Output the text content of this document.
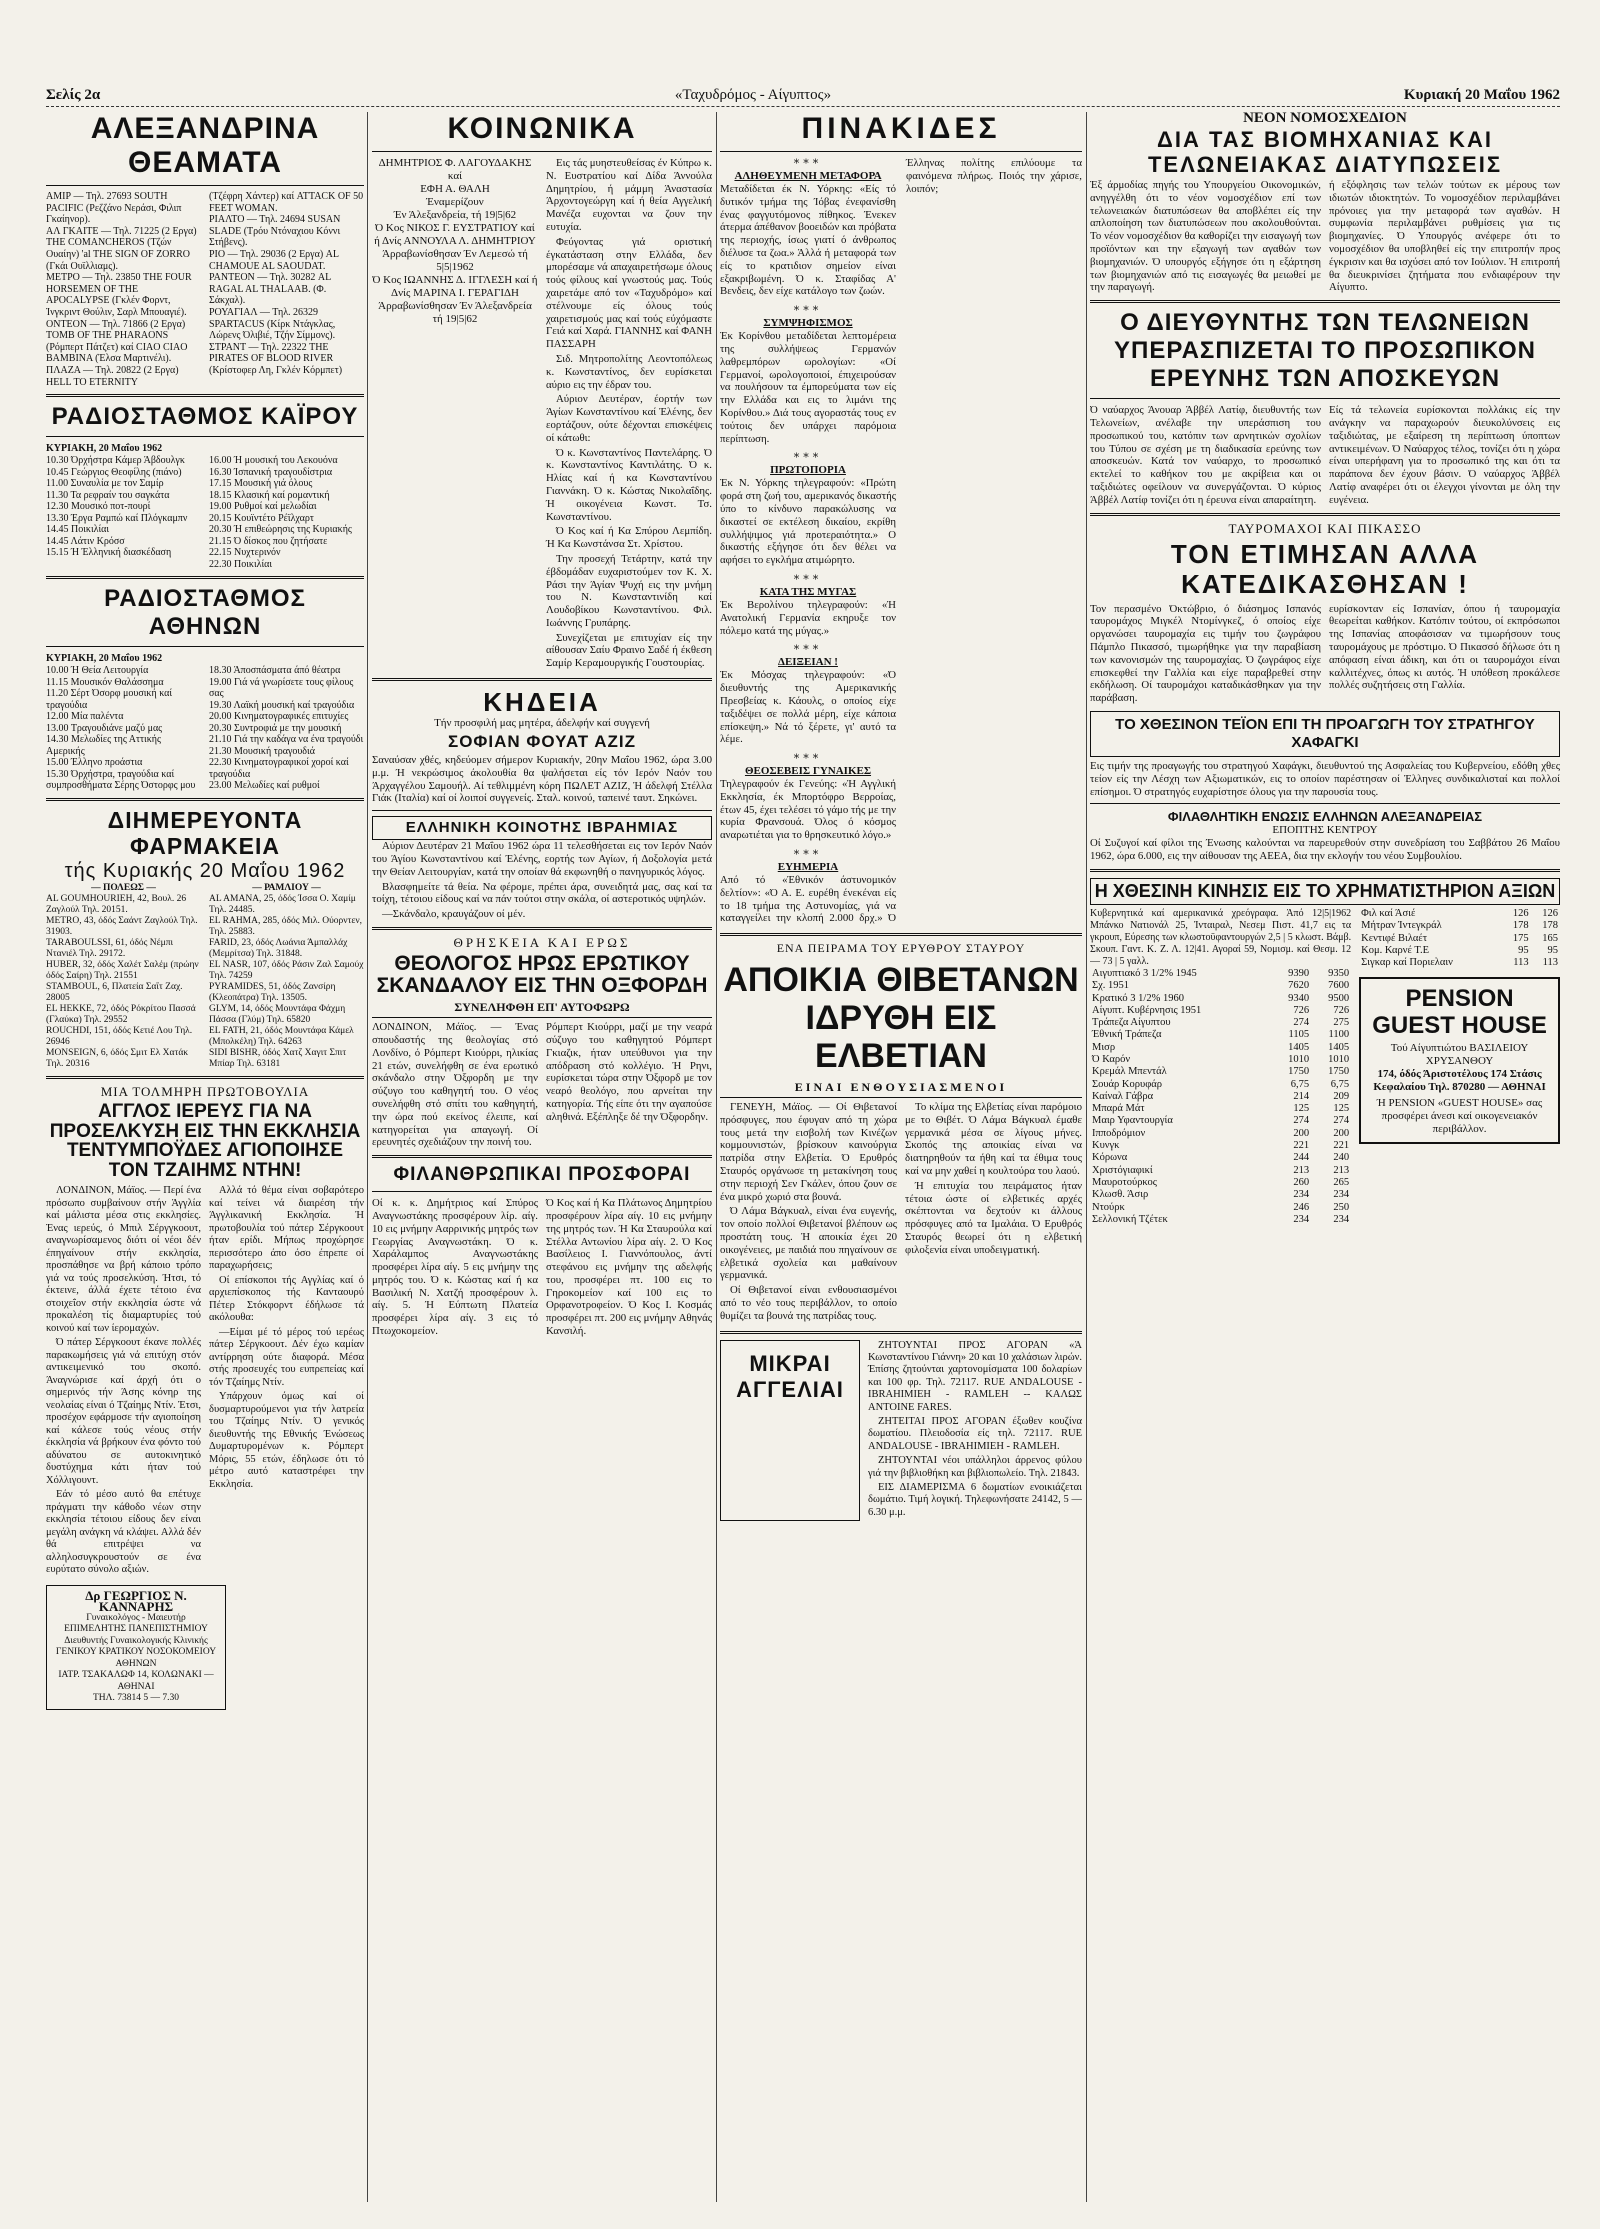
Σελίς 2α	«Ταχυδρόμος - Αίγυπτος»	Κυριακή 20 Μαΐου 1962
ΑΛΕΞΑΝΔΡΙΝΑ ΘΕΑΜΑΤΑ
ΑΜΙΡ — Τηλ. 27693 SOUTH PACIFIC (Ρεζζάνο Νεράσι, Φιλιπ Γκαίηνορ).
ΑΛ ΓΚΑΙΤΕ — Τηλ. 71225 (2 Εργα) THE COMANCHEROS (Τζών Ουαίην) 'al THE SIGN OF ZORRO (Γκάι Ουϊλλιαμς).
ΜΕΤΡΟ — Τηλ. 23850 THE FOUR HORSEMEN OF THE APOCALYPSE (Γκλέν Φορντ, Ίνγκριντ Θούλιν, Σαρλ Μπουαγιέ).
ΟΝΤΕΟΝ — Τηλ. 71866 (2 Εργα) TOMB OF THE PHARAONS (Ρόμπερτ Πάτζετ) καί CIAO CIAO BAMBINA (Έλσα Μαρτινέλι).
ΠΛΑΖΑ — Τηλ. 20822 (2 Εργα) HELL TO ETERNITY
(Τζέφρη Χάντερ) καί ATTACK OF 50 FEET WOMAN.
ΡΙΑΛΤΟ — Τηλ. 24694 SUSAN SLADE (Τρόυ Ντόναχιου Κόννι Στήβενς).
ΡΙΟ — Τηλ. 29036 (2 Εργα) AL CHAMOUE AL SAOUDAT.
ΡΑΝΤΕΟΝ — Τηλ. 30282 AL RAGAL AL THALAAB. (Φ. Σάκχαλ).
ΡΟΥΑΓΙΑΛ — Τηλ. 26329 SPARTACUS (Κίρκ Ντάγκλας, Λώρενς Όλιβιέ, Τζήν Σίμμονς).
ΣΤΡΑΝΤ — Τηλ. 22322 THE PIRATES OF BLOOD RIVER (Κρίστοφερ Λη, Γκλέν Κόρμπετ)
ΡΑΔΙΟΣΤΑΘΜΟΣ ΚΑΪΡΟΥ
ΚΥΡΙΑΚΗ, 20 Μαΐου 1962
10.30 Όρχήστρα Κάμερ Άβδουλγκ
10.45 Γεώργιος Θεοφίλης (πιάνο)
11.00 Συναυλία με τον Σαμίρ
11.30 Τα ρεφραίν του σαγκάτα
12.30 Μουσικό ποτ-πουρί
13.30 Έργα Ραμπώ καί Πλόγκαμπν
14.45 Ποικιλίαι
14.45 Λάτιν Κρόσσ
15.15 Ή Έλληνική διασκέδαση
16.00 Ή μουσική του Λεκουόνα
16.30 Ίσπανική τραγουδίστρια
17.15 Μουσική γιά όλους
18.15 Κλασική καί ρομαντική
19.00 Ρυθμοί καί μελωδίαι
20.15 Κουϊντέτο Ρέϊλχαρτ
20.30 Ή επιθεώρησις της Κυριακής
21.15 Ό δίσκος που ζητήσατε
22.15 Νυχτερινόν
22.30 Ποικιλίαι
ΡΑΔΙΟΣΤΑΘΜΟΣ ΑΘΗΝΩΝ
ΚΥΡΙΑΚΗ, 20 Μαΐου 1962
10.00 Ή Θεία Λειτουργία
11.15 Μουσικόν Θαλάσσημα
11.20 Σέρτ Όσορφ μουσική καί τραγούδια
12.00 Μία παλέντα
13.00 Τραγουδιάνε μαζύ μας
14.30 Μελωδίες της Αττικής Αμερικής
15.00 Έλληνο προάστια
15.30 Όρχήστρα, τραγούδια καί συμπροσθήματα Σέρης Όστορφς μου
18.30 Άποσπάσματα άπό θέατρα
19.00 Γιά νά γνωρίσετε τους φίλους σας
19.30 Λαϊκή μουσική καί τραγούδια
20.00 Κινηματογραφικές επιτυχίες
20.30 Συντροφιά με την μουσική
21.10 Γιά την καδάγα να ένα τραγούδι
21.30 Μουσική τραγουδιά
22.30 Κινηματογραφικοί χοροί καί τραγούδια
23.00 Μελωδίες καί ρυθμοί
ΔΙΗΜΕΡΕΥΟΝΤΑ ΦΑΡΜΑΚΕΙΑ
τής Κυριακής 20 Μαΐου 1962
— ΠΟΛΕΩΣ —
AL GOUMHOURIEH, 42, Βουλ. 26 Ζαγλούλ Τηλ. 20151.
METRO, 43, όδός Σαάντ Ζαγλούλ Τηλ. 31903.
TARABOULSSI, 61, όδός Νέμπι Ντανιέλ Τηλ. 29172.
HUBER, 32, όδός Χαλέτ Σαλέμ (πρώην όδός Σαίρη) Τηλ. 21551
STAMBOUL, 6, Πλατεία Σαΐτ Ζαχ. 28005
EL HEKKE, 72, όδός Ρόκρίτου Πασσά (Γλαύκα) Τηλ. 29552
ROUCHDI, 151, όδός Κετιέ Λου Τηλ. 26946
MONSEIGN, 6, όδός Σμιτ Ελ Χατάκ Τηλ. 20316
— ΡΑΜΛΙΟΥ —
AL AMANA, 25, όδός Ίσσα Ο. Χαμίμ Τηλ. 24485.
EL RAHMA, 285, όδός Μιλ. Ούορντεν, Τηλ. 25883.
FARID, 23, όδός Λωάνια Άμπαλλάχ (Μεμρίτσα) Τηλ. 31848.
EL NASR, 107, όδός Ράσιν Ζαλ Σαμούχ Τηλ. 74259
PYRAMIDES, 51, όδός Ζανσίρη (Κλεοπάτρα) Τηλ. 13505.
GLYM, 14, όδός Μουντάφα Φάχμη Πάσσα (Γλύμ) Τηλ. 65820
EL FATH, 21, όδός Μουντάφα Κάμελ (Μπολκέλη) Τηλ. 64263
SIDI BISHR, όδός Χατζ Χαγιτ Σπιτ Μπίαρ Τηλ. 63181
ΜΙΑ ΤΟΛΜΗΡΗ ΠΡΩΤΟΒΟΥΛΙΑ
ΑΓΓΛΟΣ ΙΕΡΕΥΣ ΓΙΑ ΝΑ ΠΡΟΣΕΛΚΥΣΗ ΕΙΣ ΤΗΝ ΕΚΚΛΗΣΙΑ ΤΕΝΤΥΜΠΟΫΔΕΣ ΑΓΙΟΠΟΙΗΣΕ ΤΟΝ ΤΖΑΙΗΜΣ ΝΤΗΝ!

ΛΟΝΔΙΝΟΝ, Μάϊος. — Περί ένα πρόσωπο συμβαίνουν στήν Άγγλία καί μάλιστα μέσα στις εκκλησίες. Ένας ιερεύς, ό Μπιλ Σέργγκοουτ, αναγνωρίσαμενος διότι οί νέοι δέν έπηγαίνουν στήν εκκλησία, προσπάθησε να βρή κάποιο τρόπο γιά να τούς προσελκύση. Ήτσι, τό έκτεινε, άλλά έχετε τέτοιο ένα στοιχεΐον στήν εκκλησία ώστε νά προκαλέση τίς διαμαρτυρίες τού κοινού καί των ίερομαχών.

Ό πάτερ Σέργκοουτ έκανε πολλές παρακωμήσεις γιά νά επιτύχη στόν αντικειμενικό του σκοπό. Άναγνώρισε καί άρχή ότι ο σημερινός τήν Άσης κόνηρ της νεολαίας είναι ό Τζαίημς Ντίν. Έτσι, προσέχον εφάρμοσε τήν αγιοποίηση καί κάλεσε τούς νέους στήν έκκλησία νά βρήκουν ένα φόντο τού αδύνατου σε αυτοκινητικό δυστύχημα κάτι ήταν τού Χόλλιγουντ.

Εάν τό μέσο αυτό θα επέτυχε πράγματι την κάθοδο νέων στην εκκλησία τέτοιου είδους δεν είναι μεγάλη ανάγκη νά κλάψει. Αλλά δέν θά επιτρέψει να αλληλοσυγκρουστούν σε ένα ευρύτατο σύνολο αξιών.

Αλλά τό θέμα είναι σοβαρότερο καί τείνει νά διαιρέση τήν Άγγλικανική Εκκλησία. Ή πρωτοβουλία τού πάτερ Σέργκοουτ ήταν ερίδι. Μήπως προχώρησε περισσότερο άπο όσο έπρεπε οί παραχωρήσεις;

Οί επίσκοποι τής Αγγλίας καί ό αρχιεπίσκοπος τής Κανταουρύ Πέτερ Στόκφορντ έδήλωσε τά ακόλουθα:

—Είμαι μέ τό μέρος τού ιερέως πάτερ Σέργκοουτ. Δέν έχω καμίαν αντίρρηση ούτε διαφορά. Μέσα στής προσευχές του ευπρεπείας καί τόν Τζαίημς Ντίν.

Υπάρχουν όμως καί οί δυσμαρτυρούμενοι για τήν λατρεία του Τζαίημς Ντίν. Ό γενικός διευθυντής της Εθνικής Ένώσεως Δυμαρτυρομένων κ. Ρόμπερτ Μόρις, 55 ετών, έδηλωσε ότι τό μέτρο αυτό καταστρέφει την Εκκλησία.

Δρ ΓΕΩΡΓΙΟΣ Ν. ΚΑΝΝΑΡΗΣ
Γυναικολόγος - Μαιευτήρ
ΕΠΙΜΕΛΗΤΗΣ ΠΑΝΕΠΙΣΤΗΜΙΟΥ
Διευθυντής Γυναικολογικής Κλινικής ΓΕΝΙΚΟΥ ΚΡΑΤΙΚΟΥ ΝΟΣΟΚΟΜΕΙΟΥ ΑΘΗΝΩΝ
ΙΑΤΡ. ΤΣΑΚΑΛΩΦ 14, ΚΟΛΩΝΑΚΙ — ΑΘΗΝΑΙ
ΤΗΛ. 73814 5 — 7.30
ΚΟΙΝΩΝΙΚΑ
ΔΗΜΗΤΡΙΟΣ Φ. ΛΑΓΟΥΔΑΚΗΣ
καί
ΕΦΗ Α. ΘΑΛΗ
Έναμερίζουν
Έν Άλεξανδρεία, τή 19|5|62
Ό Κος ΝΙΚΟΣ Γ. ΕΥΣΤΡΑΤΙΟΥ καί ή Δνίς ΑΝΝΟΥΛΑ Λ. ΔΗΜΗΤΡΙΟΥ Άρραβωνίσθησαν Έν Λεμεσώ τή 5|5|1962
Ό Κος ΙΩΑΝΝΗΣ Δ. ΙΓΓΛΕΣΗ καί ή Δνίς ΜΑΡΙΝΑ Ι. ΓΕΡΑΓΙΔΗ Άρραβωνίσθησαν Έν Άλεξανδρεία τή 19|5|62

Εις τάς μυηστευθείσας έν Κύπρω κ. Ν. Ευστρατίου καί Δίδα Άννούλα Δημητρίου, ή μάμμη Άναστασία Άρχοντογεώργη καί ή θεία Αγγελική Μανέζα ευχονται να ζουν την ευτυχία.

Φεύγοντας γιά οριστική έγκατάσταση στην Ελλάδα, δεν μπορέσαμε νά απαχαιρετήσωμε όλους τούς φίλους καί γνωστούς μας. Τούς χαιρετάμε από τον «Ταχυδρόμο» καί στέλνουμε είς όλους τούς χαιρετισμούς μας καί τούς εύχόμαστε Γειά καί Χαρά. ΓΙΑΝΝΗΣ καί ΦΑΝΗ ΠΑΣΣΑΡΗ

Σιδ. Μητροπολίτης Λεοντοπόλεως κ. Κωνσταντίνος, δεν ευρίσκεται αύριο εις την έδραν του.

Αύριον Δευτέραν, έορτήν των Άγίων Κωνσταντίνου καί Έλένης, δεν εορτάζουν, ούτε δέχονται επισκέψεις οί κάτωθι:

Ό κ. Κωνσταντίνος Παντελάρης. Ό κ. Κωνσταντίνος Καντιλάτης. Ό κ. Ηλίας καί ή κα Κωνσταντίνου Γιαννάκη. Ό κ. Κώστας Νικολαΐδης. Ή οικογένεια Κωνστ. Τσ. Κωνσταντίνου.

Ό Κος καί ή Κα Σπύρου Λεμπίδη. Ή Κα Κωνστάνσα Στ. Χρίστου.

Την προσεχή Τετάρτην, κατά την έβδομάδαν ευχαριστούμεν τον Κ. Χ. Ράσι την Άγίαν Ψυχή εις την μνήμη του Ν. Κωνσταντινίδη καί Λουδοβίκου Κωνσταντίνου. Φιλ. Ιωάννης Γρυπάρης.

Συνεχίζεται με επιτυχίαν είς την αίθουσαν Σαίυ Φραινο Σαδέ ή έκθεση Σαμίρ Κεραμουργικής Γουστουρίας.

ΚΗΔΕΙΑ
Τήν προσφιλή μας μητέρα, άδελφήν καί συγγενή
ΣΟΦΙΑΝ ΦΟΥΑΤ ΑΖΙΖ
Σαναύσαν χθές, κηδεύομεν σήμερον Κυριακήν, 20ην Μαΐου 1962, ώρα 3.00 μ.μ. Ή νεκρώσιμος άκολουθία θα ψαλήσεται είς τόν Ιερόν Ναόν του Άρχαγγέλου Σαμουήλ. Αί τεθλιμμένη κόρη ΠΩΛΕΤ ΑΖΙΖ, Ή άδελφή Στέλλα Γιάκ (Ιταλία) καί οί λοιποί συγγενείς. Σταλ. κοινού, ταπεινέ ταυτ. Σηκώνει.
ΕΛΛΗΝΙΚΗ ΚΟΙΝΟΤΗΣ ΙΒΡΑΗΜΙΑΣ

Αύριον Δευτέραν 21 Μαΐου 1962 ώρα 11 τελεσθήσεται εις τον Ιερόν Ναόν του Άγίου Κωνσταντίνου καί Έλένης, εορτής των Αγίων, ή Δοξολογία μετά την Θείαν Λειτουργίαν, κατά την οποίαν θά εκφωνηθή ο πανηγυρικός λόγος.

Βλασφημείτε τά θεία. Να φέρομε, πρέπει άρα, συνειδητά μας, σας καί τα τοίχη, τέτοιου είδους καί να πάν τούτοι στην σκάλα, οί αστεροτικός υψηλών.

—Σκάνδαλο, κραυγάζουν οί μέν.

ΘΡΗΣΚΕΙΑ ΚΑΙ ΕΡΩΣ
ΘΕΟΛΟΓΟΣ ΗΡΩΣ ΕΡΩΤΙΚΟΥ ΣΚΑΝΔΑΛΟΥ ΕΙΣ ΤΗΝ ΟΞΦΟΡΔΗ
ΣΥΝΕΛΗΦΘΗ ΕΠ' ΑΥΤΟΦΩΡΩ
ΛΟΝΔΙΝΟΝ, Μάϊος. — Ένας σπουδαστής της θεολογίας στό Λονδίνο, ό Ρόμπερτ Κιούρρι, ηλικίας 21 ετών, συνελήφθη σε ένα ερωτικό σκάνδαλο στην Όξφορδη με την σύζυγο του καθηγητή του. Ο νέος συνελήφθη στό σπίτι του καθηγητή, την ώρα πού εκείνος έλειπε, καί κατηγορείται για απαγωγή. Οί ερευνητές σχεδιάζουν την ποινή του.
Ρόμπερτ Κιούρρι, μαζί με την νεαρά σύζυγο του καθηγητού Ρόμπερτ Γκιαζικ, ήταν υπεύθυνοι για την απόδραση στό κολλέγιο. Ή Ρηνι, ευρίσκεται τώρα στην Όξφορδ με τον νεαρό θεολόγο, που αρνείται την κατηγορία. Τής είπε ότι την αγαπούσε αληθινά. Εξέπληξε δέ την Όξφορδην.
ΦΙΛΑΝΘΡΩΠΙΚΑΙ ΠΡΟΣΦΟΡΑΙ
Οί κ. κ. Δημήτριος καί Σπύρος Αναγνωστάκης προσφέρουν λίρ. αίγ. 10 εις μνήμην Ααρρινικής μητρός των Γεωργίας Αναγνωστάκη. Ό κ. Χαράλαμπος Αναγνωστάκης προσφέρει λίρα αίγ. 5 εις μνήμην της μητρός του. Ό κ. Κώστας καί ή κα Βασιλική Ν. Χατζή προσφέρουν λ. αίγ. 5. Ή Εύπτωτη Πλατεία προσφέρει λίρα αίγ. 3 εις τό Πτωχοκομείον.
Ό Κος καί ή Κα Πλάτωνος Δημητρίου προσφέρουν λίρα αίγ. 10 εις μνήμην της μητρός των. Ή Κα Σταυρούλα καί Στέλλα Αντωνίου λίρα αίγ. 2. Ό Κος Βασίλειος Ι. Γιαννόπουλος, άντί στεφάνου εις μνήμην της αδελφής του, προσφέρει πτ. 100 εις το Γηροκομείον καί 100 εις το Ορφανοτροφείον. Ό Κος Ι. Κοσμάς προσφέρει πτ. 200 εις μνήμην Αθηνάς Κανσιλή.
ΠΙΝΑΚΙΔΕΣ
***
ΑΛΗΘΕΥΜΕΝΗ ΜΕΤΑΦΟΡΑ
Μεταδίδεται έκ Ν. Υόρκης: «Είς τό δυτικόν τμήμα της Ίόβας ένεφανίσθη ένας φαγγυτόμονος πίθηκος. Ένεκεν άτερμα άπέθανον βοοειδών και πρόβατα της περιοχής, ίσως γιατί ό άνθρωπος διέλυσε τα ζωα.» Άλλά ή μεταφορά των είς το κρατιδιον σημείον είναι εξακριβωμένη. Ό κ. Σταφίδας Α' Βενδεις, δεν είχε κατάλογο των ζωών.
***
ΣΥΜΨΗΦΙΣΜΟΣ
Έκ Κορίνθου μεταδίδεται λεπτομέρεια της συλλήψεως Γερμανών λαθρεμπόρων ωρολογίων: «Οί Γερμανοί, ωρολογοποιοί, έπιχειρούσαν να πουλήσουν τα έμπορεύματα των είς την Ελλάδα και εις το λιμάνι της Κορίνθου.» Διά τους αγοραστάς τους εν τούτοις δεν υπάρχει παρόμοια περίπτωση.
***
ΠΡΩΤΟΠΟΡΙΑ
Έκ Ν. Υόρκης τηλεγραφούν: «Πρώτη φορά στη ζωή του, αμερικανός δικαστής ύπο το κίνδυνο παρακώλυσης να δικαστεί σε εκτέλεση δικαίου, εκρίθη συλλήψιμος γιά προτεραιότητα.» Ο δικαστής εξήγησε ότι δεν θέλει να αφήσει το εγκλήμα ατιμώρητο.
***
ΚΑΤΑ ΤΗΣ ΜΥΓΑΣ
Έκ Βερολίνου τηλεγραφούν: «Ή Ανατολική Γερμανία εκηρυξε τον πόλεμο κατά της μύγας.»
***
ΔΕΙΞΕΙΑΝ !
Έκ Μόσχας τηλεγραφούν: «Ό διευθυντής της Αμερικανικής Πρεσβείας κ. Κάουλς, ο οποίος είχε ταξιδέψει σε πολλά μέρη, είχε κάποια επίσκεψη.» Νά τό ξέρετε, γι' αυτό τα λέμε.
***
ΘΕΟΣΕΒΕΙΣ ΓΥΝΑΙΚΕΣ
Τηλεγραφούν έκ Γενεύης: «Ή Αγγλική Εκκλησία, έκ Μπορτόφρο Βερροίας, έτων 45, έχει τελέσει τό γάμο τής με την κυρία Φρανσουά. Όλος ό κόσμος αναρωτιέται για το θρησκευτικό λόγο.»
***
ΕΥΗΜΕΡΙΑ
Από τό «Έθνικόν άστυνομικόν δελτίον»: «Ό Α. Ε. ευρέθη ένεκέναι είς το 18 τμήμα της Αστυνομίας, γιά να καταγγείλει την κλοπή 2.000 δρχ.» Ό Έλληνας πολίτης επιλύουμε τα φαινόμενα πλήρως. Ποιός την χάρισε, λοιπόν;
ΕΝΑ ΠΕΙΡΑΜΑ ΤΟΥ ΕΡΥΘΡΟΥ ΣΤΑΥΡΟΥ
ΑΠΟΙΚΙΑ ΘΙΒΕΤΑΝΩΝ ΙΔΡΥΘΗ ΕΙΣ ΕΛΒΕΤΙΑΝ
ΕΙΝΑΙ ΕΝΘΟΥΣΙΑΣΜΕΝΟΙ

ΓΕΝΕΥΗ, Μάϊος. — Οί Θιβετανοί πρόσφυγες, που έφυγαν από τη χώρα τους μετά την εισβολή των Κινέζων κομμουνιστών, βρίσκουν καινούργια πατρίδα στην Ελβετία. Ό Ερυθρός Σταυρός οργάνωσε τη μετακίνηση τους στην περιοχή Σεν Γκάλεν, όπου ζουν σε ένα μικρό χωριό στα βουνά.

Ό Λάμα Βάγκυαλ, είναι ένα ευγενής, τον οποίο πολλοί Θιβετανοί βλέπουν ως προστάτη τους. Ή αποικία έχει 20 οικογένειες, με παιδιά που πηγαίνουν σε ελβετικά σχολεία και μαθαίνουν γερμανικά.

Οί Θιβετανοί είναι ενθουσιασμένοι από το νέο τους περιβάλλον, το οποίο θυμίζει τα βουνά της πατρίδας τους.

Το κλίμα της Ελβετίας είναι παρόμοιο με το Θιβέτ. Ό Λάμα Βάγκυαλ έμαθε γερμανικά μέσα σε λίγους μήνες. Σκοπός της αποικίας είναι να διατηρηθούν τα ήθη καί τα έθιμα τους καί να μην χαθεί η κουλτούρα του λαού.

Ή επιτυχία του πειράματος ήταν τέτοια ώστε οί ελβετικές αρχές σκέπτονται να δεχτούν κι άλλους πρόσφυγες από τα Ιμαλάια. Ό Ερυθρός Σταυρός θεωρεί ότι η ελβετική φιλοξενία είναι υποδειγματική.

ΜΙΚΡΑΙ ΑΓΓΕΛΙΑΙ

ΖΗΤΟΥΝΤΑΙ ΠΡΟΣ ΑΓΟΡΑΝ «Ά Κωνσταντίνου Γιάννη» 20 και 10 χαλάσιων λιρών. Έπίσης ζητούνται χαρτονομίσματα 100 δολαρίων και 100 φρ. Τηλ. 72117. RUE ANDALOUSE - IBRAHIMIEH - RAMLEH -- ΚΑΛΩΣ ANTOINE FARES.

ΖΗΤΕΙΤΑΙ ΠΡΟΣ ΑΓΟΡΑΝ έξωθεν κουζίνα δωματίου. Πλειοδοσία είς τηλ. 72117. RUE ANDALOUSE - IBRAHIMIEH - RAMLEH.

ΖΗΤΟΥΝΤΑΙ νέοι υπάλληλοι άρρενος φύλου γιά την βιβλιοθήκη και βιβλιοπωλείο. Τηλ. 21843.

ΕΙΣ ΔΙΑΜΕΡΙΣΜΑ 6 δωματίων ενοικιάζεται δωμάτιο. Τιμή λογική. Τηλεφωνήσατε 24142, 5 — 6.30 μ.μ.

ΝΕΟΝ ΝΟΜΟΣΧΕΔΙΟΝ
ΔΙΑ ΤΑΣ ΒΙΟΜΗΧΑΝΙΑΣ ΚΑΙ ΤΕΛΩΝΕΙΑΚΑΣ ΔΙΑΤΥΠΩΣΕΙΣ
Έξ άρμοδίας πηγής του Υπουργείου Οικονομικών, ανηγγέλθη ότι το νέον νομοσχέδιον επί των τελωνειακών διατυπώσεων θα αποβλέπει είς την απλοποίηση των διατυπώσεων που ακολουθούνται. Το νέον νομοσχέδιον θα καθορίζει την εισαγωγή των προϊόντων και την εξαγωγή των αγαθών των βιομηχανιών. Ό υπουργός εξήγησε ότι η εξάρτηση των βιομηχανιών από τις εισαγωγές θα μειωθεί με την παραγωγή.
ή εξόφλησις των τελών τούτων εκ μέρους των ιδιωτών ιδιοκτητών. Το νομοσχέδιον περιλαμβάνει πρόνοιες για την μεταφορά των αγαθών. Η συμφωνία περιλαμβάνει ρυθμίσεις για τις βιομηχανίες. Ό Υπουργός ανέφερε ότι το νομοσχέδιον θα υποβληθεί είς την επιτροπήν προς έγκρισιν και θα ισχύσει από τον Ιούλιον. Ή επιτροπή θα διευκρινίσει ζητήματα που ενδιαφέρουν την Αίγυπτο.
Ο ΔΙΕΥΘΥΝΤΗΣ ΤΩΝ ΤΕΛΩΝΕΙΩΝ ΥΠΕΡΑΣΠΙΖΕΤΑΙ ΤΟ ΠΡΟΣΩΠΙΚΟΝ ΕΡΕΥΝΗΣ ΤΩΝ ΑΠΟΣΚΕΥΩΝ
Ό ναύαρχος Άνουαρ Άββέλ Λατίφ, διευθυντής των Τελωνείων, ανέλαβε την υπεράσπιση του προσωπικού του, κατόπιν των αρνητικών σχολίων του Τύπου σε σχέση με τη διαδικασία ερεύνης των αποσκευών. Κατά τον ναύαρχο, το προσωπικό εκτελεί το καθήκον του με ακρίβεια και οι ταξιδιώτες οφείλουν να συνεργάζονται. Ό κύριος Άββέλ Λατίφ τονίζει ότι η έρευνα είναι απαραίτητη.
Είς τά τελωνεία ευρίσκονται πολλάκις είς την ανάγκην να παραχωρούν διευκολύνσεις εις ταξιδιώτας, με εξαίρεση τη περίπτωση ύποπτων αντικειμένων. Ό Ναύαρχος τέλος, τονίζει ότι η χώρα είναι υπερήφανη για το προσωπικό της και ότι τα παράπονα δεν έχουν βάσιν. Ό ναύαρχος Άββέλ Λατίφ αναφέρει ότι οι έλεγχοι γίνονται με όλη την ευγένεια.
ΤΑΥΡΟΜΑΧΟΙ ΚΑΙ ΠΙΚΑΣΣΟ
ΤΟΝ ΕΤΙΜΗΣΑΝ ΑΛΛΑ ΚΑΤΕΔΙΚΑΣΘΗΣΑΝ !
Τον περασμένο Όκτώβριο, ό διάσημος Ισπανός ταυρομάχος Μιγκέλ Ντομίνγκεζ, ό οποίος είχε οργανώσει ταυρομαχία εις τιμήν του ζωγράφου Πάμπλο Πικασσό, τιμωρήθηκε για την παραβίαση των κανονισμών της ταυρομαχίας. Ό ζωγράφος είχε επισκεφθεί την Γαλλία και είχε παραβρεθεί στην εκδήλωση. Οί ταυρομάχοι καταδικάσθηκαν για την παράβαση.
ευρίσκονταν είς Ισπανίαν, όπου ή ταυρομαχία θεωρείται καθήκον. Κατόπιν τούτου, οί εκπρόσωποι της Ισπανίας αποφάσισαν να τιμωρήσουν τους ταυρομάχους με πρόστιμο. Ό Πικασσό δήλωσε ότι η απόφαση είναι άδικη, και ότι οι ταυρομάχοι είναι καλλιτέχνες, όπως κι αυτός. Ή υπόθεση προκάλεσε πολλές συζητήσεις στη Γαλλία.
ΤΟ ΧΘΕΣΙΝΟΝ ΤΕΪΟΝ ΕΠΙ ΤΗ ΠΡΟΑΓΩΓΗ ΤΟΥ ΣΤΡΑΤΗΓΟΥ ΧΑΦΑΓΚΙ
Εις τιμήν της προαγωγής του στρατηγού Χαφάγκι, διευθυντού της Ασφαλείας του Κυβερνείου, εδόθη χθες τείον είς την Λέσχη των Αξιωματικών, εις το οποίον παρέστησαν οί Έλληνες συνδικαλισταί και πολλοί επίσημοι. Ό στρατηγός ευχαρίστησε όλους για την παρουσία τους.
ΦΙΛΑΘΛΗΤΙΚΗ ΕΝΩΣΙΣ ΕΛΛΗΝΩΝ ΑΛΕΞΑΝΔΡΕΙΑΣ
ΕΠΟΠΤΗΣ ΚΕΝΤΡΟΥ
Οί Συζυγοί καί φίλοι της Ένωσης καλούνται να παρευρεθούν στην συνεδρίαση του Σαββάτου 26 Μαΐου 1962, ώρα 6.000, εις την αίθουσαν της ΑΕΕΑ, δια την εκλογήν του νέου Συμβουλίου.
Η ΧΘΕΣΙΝΗ ΚΙΝΗΣΙΣ ΕΙΣ ΤΟ ΧΡΗΜΑΤΙΣΤΗΡΙΟΝ ΑΞΙΩΝ
Κυβερνητικά καί αμερικανικά χρεόγραφα. Άπό 12|5|1962 Μπάνκο Νατιονάλ 25, Ίνταιραλ, Νεσεμ Πιστ. 41,7 εις τα γκρουπ, Εύρεσης των κλωστοϋφαντουργών 2,5 | 5 κλωστ. Βάμβ. Σκουπ. Γαντ. Κ. Ζ. Λ. 12|41. Αγοραί 59, Νομισμ. καί Θεσμ. 12 — 73 | 5 γαλλ.
Αιγυπτιακό 3 1/2% 1945	9390	9350
Σχ. 1951	7620	7600
Κρατικό 3 1/2% 1960	9340	9500
Αίγυπτ. Κυβέρνησις 1951	726	726
Τράπεζα Αίγυπτου	274	275
Έθνική Τράπεζα	1105	1100
Μισρ	1405	1405
Ό Καρόν	1010	1010
Κρεμάλ Μπεντάλ	1750	1750
Σουάρ Κορυφάρ	6,75	6,75
Καίναλ Γάβρα	214	209
Μπαρά Μάτ	125	125
Μαιρ Υφαντουργία	274	274
Ιπποδρόμιον	200	200
Κυνγκ	221	221
Κόρωνα	244	240
Χριστόγιαφικί	213	213
Μαυροτούρκος	260	265
Κλωσθ. Άσιρ	234	234
Ντούρκ	246	250
Σελλονική Τζέτεκ	234	234
Φιλ καί Άσιέ	126	126
Μήτραν Ίντεγκράλ	178	178
Κεντιφέ Βιλαέτ	175	165
Κομ. Καρνέ Τ.Ε	95	95
Σιγκαρ καί Ποριελαιν	113	113
PENSION GUEST HOUSE
Τού Αίγυπτιώτου ΒΑΣΙΛΕΙΟΥ ΧΡΥΣΑΝΘΟΥ
174, όδός Άριστοτέλους 174 Στάσις Κεφαλαίου Τηλ. 870280 — ΑΘΗΝΑΙ
Ή PENSION «GUEST HOUSE» σας προσφέρει άνεσι καί οικογενειακόν περιβάλλον.
